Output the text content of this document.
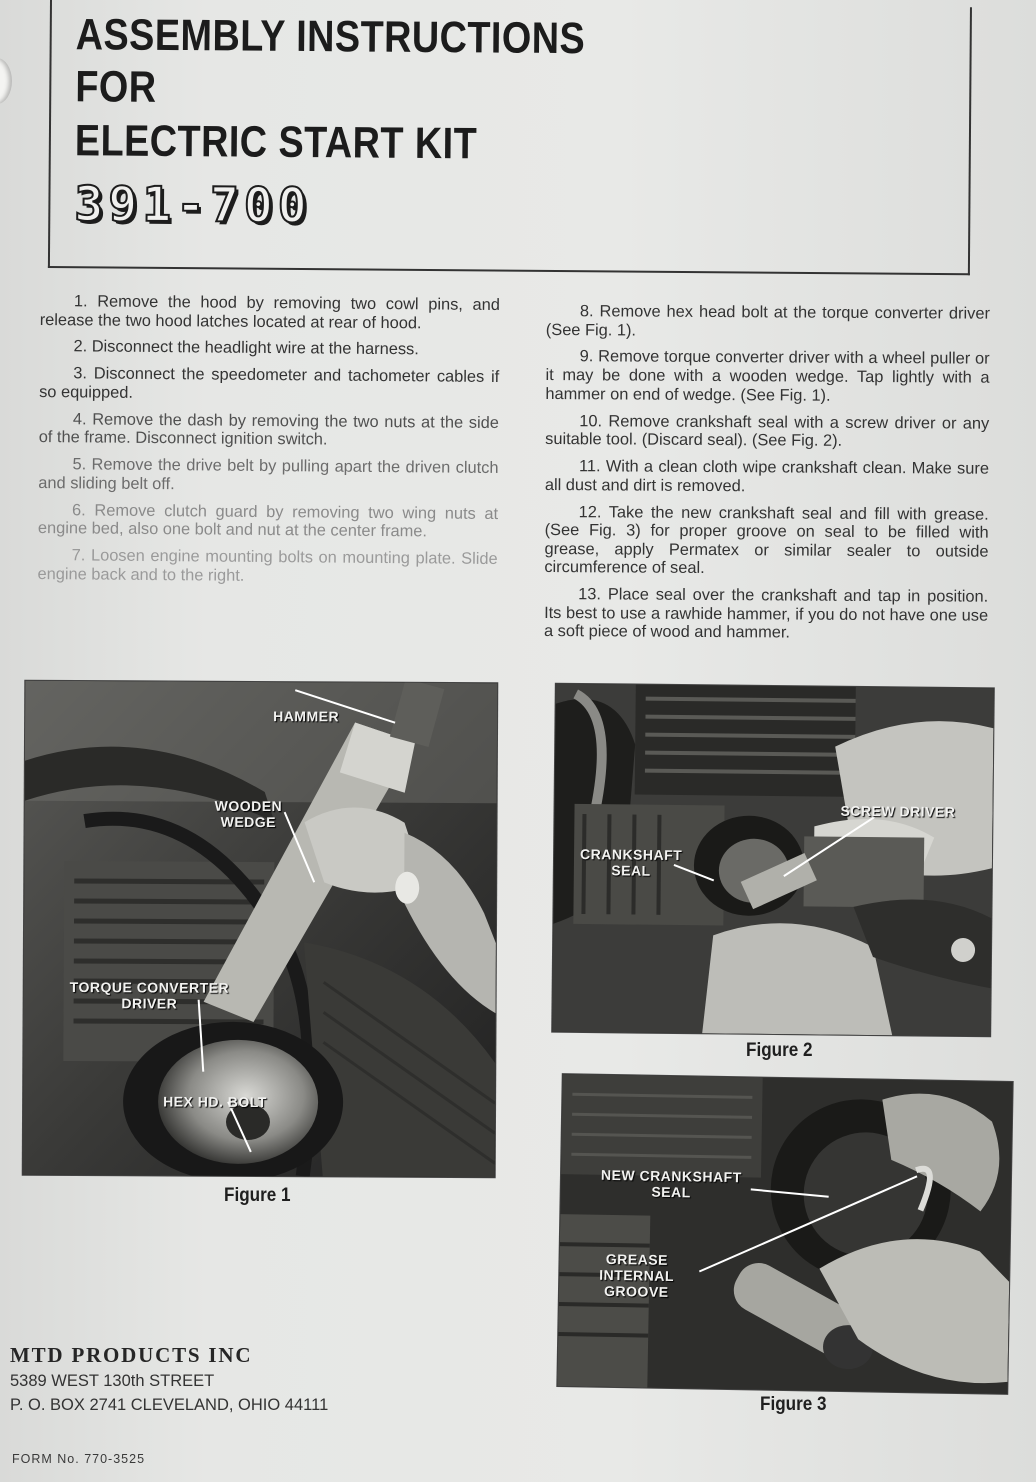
ASSEMBLY INSTRUCTIONS
FOR
ELECTRIC START KIT
391-700

1. Remove the hood by removing two cowl pins, and release the two hood latches located at rear of hood.

2. Disconnect the headlight wire at the harness.

3. Disconnect the speedometer and tachometer cables if so equipped.

4. Remove the dash by removing the two nuts at the side of the frame. Disconnect ignition switch.

5. Remove the drive belt by pulling apart the driven clutch and sliding belt off.

6. Remove clutch guard by removing two wing nuts at engine bed, also one bolt and nut at the center frame.

7. Loosen engine mounting bolts on mounting plate. Slide engine back and to the right.

8. Remove hex head bolt at the torque converter driver (See Fig. 1).

9. Remove torque converter driver with a wheel puller or it may be done with a wooden wedge. Tap lightly with a hammer on end of wedge. (See Fig. 1).

10. Remove crankshaft seal with a screw driver or any suitable tool. (Discard seal). (See Fig. 2).

11. With a clean cloth wipe crankshaft clean. Make sure all dust and dirt is removed.

12. Take the new crankshaft seal and fill with grease. (See Fig. 3) for proper groove on seal to be filled with grease, apply Permatex or similar sealer to outside circumference of seal.

13. Place seal over the crankshaft and tap in position. Its best to use a rawhide hammer, if you do not have one use a soft piece of wood and hammer.

HAMMER
WOODEN
WEDGE
TORQUE CONVERTER
DRIVER
HEX HD. BOLT
Figure 1
SCREW DRIVER
CRANKSHAFT
SEAL
Figure 2
NEW CRANKSHAFT
SEAL
GREASE
INTERNAL
GROOVE
Figure 3
MTD PRODUCTS INC
5389 WEST 130th STREET
P. O. BOX 2741 CLEVELAND, OHIO 44111
FORM No. 770-3525
